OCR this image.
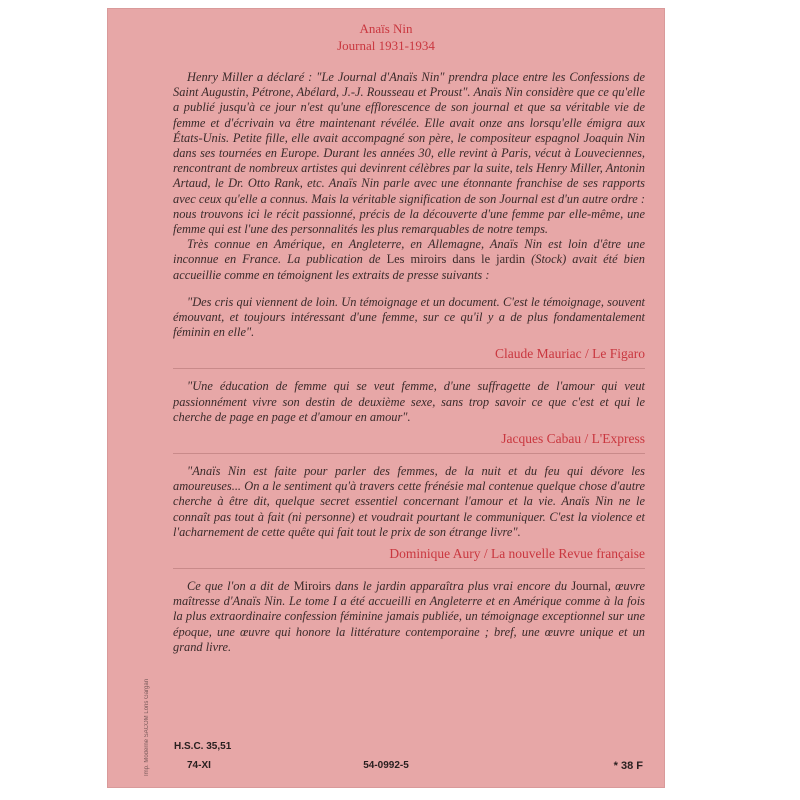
Anaïs Nin
Journal 1931-1934

Henry Miller a déclaré : "Le Journal d'Anaïs Nin" prendra place entre les Confessions de Saint Augustin, Pétrone, Abélard, J.-J. Rousseau et Proust". Anaïs Nin considère que ce qu'elle a publié jusqu'à ce jour n'est qu'une efflorescence de son journal et que sa véritable vie de femme et d'écrivain va être maintenant révélée. Elle avait onze ans lorsqu'elle émigra aux États-Unis. Petite fille, elle avait accompagné son père, le compositeur espagnol Joaquin Nin dans ses tournées en Europe. Durant les années 30, elle revint à Paris, vécut à Louveciennes, rencontrant de nombreux artistes qui devinrent célèbres par la suite, tels Henry Miller, Antonin Artaud, le Dr. Otto Rank, etc. Anaïs Nin parle avec une étonnante franchise de ses rapports avec ceux qu'elle a connus. Mais la véritable signification de son Journal est d'un autre ordre : nous trouvons ici le récit passionné, précis de la découverte d'une femme par elle-même, une femme qui est l'une des personnalités les plus remarquables de notre temps.

Très connue en Amérique, en Angleterre, en Allemagne, Anaïs Nin est loin d'être une inconnue en France. La publication de Les miroirs dans le jardin (Stock) avait été bien accueillie comme en témoignent les extraits de presse suivants :

"Des cris qui viennent de loin. Un témoignage et un document. C'est le témoignage, souvent émouvant, et toujours intéressant d'une femme, sur ce qu'il y a de plus fondamentalement féminin en elle".

Claude Mauriac / Le Figaro

"Une éducation de femme qui se veut femme, d'une suffragette de l'amour qui veut passionnément vivre son destin de deuxième sexe, sans trop savoir ce que c'est et qui le cherche de page en page et d'amour en amour".

Jacques Cabau / L'Express

"Anaïs Nin est faite pour parler des femmes, de la nuit et du feu qui dévore les amoureuses... On a le sentiment qu'à travers cette frénésie mal contenue quelque chose d'autre cherche à être dit, quelque secret essentiel concernant l'amour et la vie. Anaïs Nin ne le connaît pas tout à fait (ni personne) et voudrait pourtant le communiquer. C'est la violence et l'acharnement de cette quête qui fait tout le prix de son étrange livre".

Dominique Aury / La nouvelle Revue française

Ce que l'on a dit de Miroirs dans le jardin apparaîtra plus vrai encore du Journal, œuvre maîtresse d'Anaïs Nin. Le tome I a été accueilli en Angleterre et en Amérique comme à la fois la plus extraordinaire confession féminine jamais publiée, un témoignage exceptionnel sur une époque, une œuvre qui honore la littérature contemporaine ; bref, une œuvre unique et un grand livre.

Imp. Moderne SACOM Lons Gargan	H.S.C. 35,51
74-XI	54-0992-5	* 38 F
